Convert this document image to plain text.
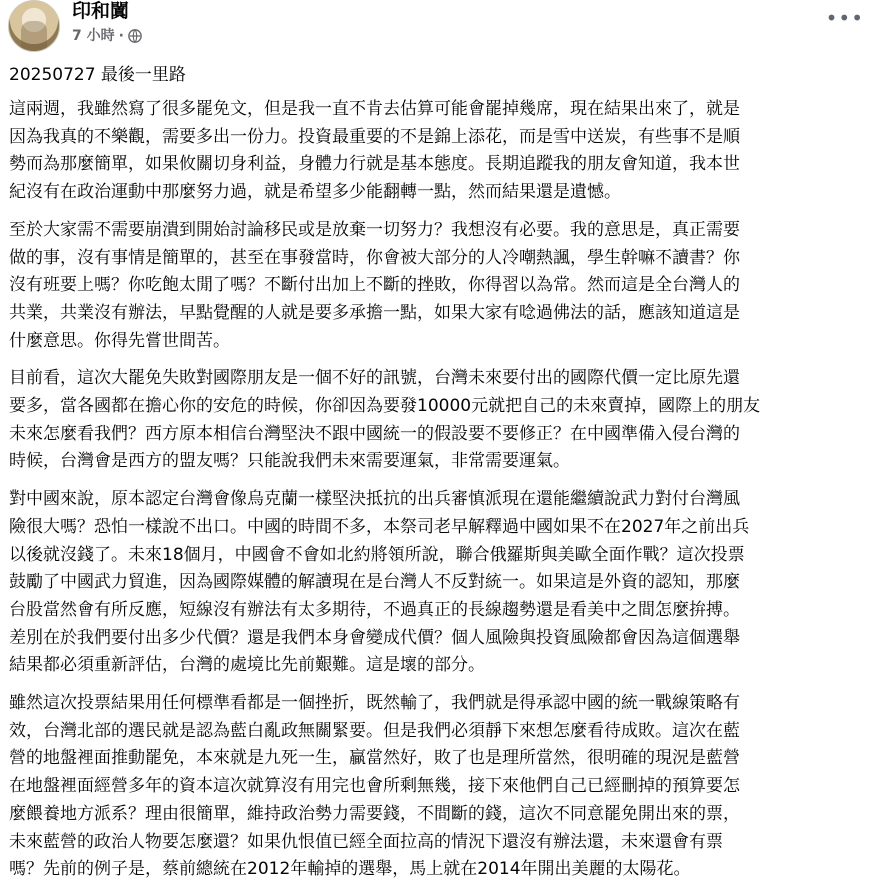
印和闐
7 小時 ·
•••
20250727 最後一里路
這兩週，我雖然寫了很多罷免文，但是我一直不肯去估算可能會罷掉幾席，現在結果出來了，就是
因為我真的不樂觀，需要多出一份力。投資最重要的不是錦上添花，而是雪中送炭，有些事不是順
勢而為那麼簡單，如果攸關切身利益，身體力行就是基本態度。長期追蹤我的朋友會知道，我本世
紀沒有在政治運動中那麼努力過，就是希望多少能翻轉一點，然而結果還是遺憾。
至於大家需不需要崩潰到開始討論移民或是放棄一切努力？我想沒有必要。我的意思是，真正需要
做的事，沒有事情是簡單的，甚至在事發當時，你會被大部分的人冷嘲熱諷，學生幹嘛不讀書？你
沒有班要上嗎？你吃飽太閒了嗎？不斷付出加上不斷的挫敗，你得習以為常。然而這是全台灣人的
共業，共業沒有辦法，早點覺醒的人就是要多承擔一點，如果大家有唸過佛法的話，應該知道這是
什麼意思。你得先嘗世間苦。
目前看，這次大罷免失敗對國際朋友是一個不好的訊號，台灣未來要付出的國際代價一定比原先還
要多，當各國都在擔心你的安危的時候，你卻因為要發10000元就把自己的未來賣掉，國際上的朋友
未來怎麼看我們？西方原本相信台灣堅決不跟中國統一的假設要不要修正？在中國準備入侵台灣的
時候，台灣會是西方的盟友嗎？只能說我們未來需要運氣，非常需要運氣。
對中國來說，原本認定台灣會像烏克蘭一樣堅決抵抗的出兵審慎派現在還能繼續說武力對付台灣風
險很大嗎？恐怕一樣說不出口。中國的時間不多，本祭司老早解釋過中國如果不在2027年之前出兵
以後就沒錢了。未來18個月，中國會不會如北約將領所說，聯合俄羅斯與美歐全面作戰？這次投票
鼓勵了中國武力貿進，因為國際媒體的解讀現在是台灣人不反對統一。如果這是外資的認知，那麼
台股當然會有所反應，短線沒有辦法有太多期待，不過真正的長線趨勢還是看美中之間怎麼拚搏。
差別在於我們要付出多少代價？還是我們本身會變成代價？個人風險與投資風險都會因為這個選舉
結果都必須重新評估，台灣的處境比先前艱難。這是壞的部分。
雖然這次投票結果用任何標準看都是一個挫折，既然輸了，我們就是得承認中國的統一戰線策略有
效，台灣北部的選民就是認為藍白亂政無關緊要。但是我們必須靜下來想怎麼看待成敗。這次在藍
營的地盤裡面推動罷免，本來就是九死一生，贏當然好，敗了也是理所當然，很明確的現況是藍營
在地盤裡面經營多年的資本這次就算沒有用完也會所剩無幾，接下來他們自己已經刪掉的預算要怎
麼餵養地方派系？理由很簡單，維持政治勢力需要錢，不間斷的錢，這次不同意罷免開出來的票，
未來藍營的政治人物要怎麼還？如果仇恨值已經全面拉高的情況下還沒有辦法還，未來還會有票
嗎？先前的例子是，蔡前總統在2012年輸掉的選舉，馬上就在2014年開出美麗的太陽花。
